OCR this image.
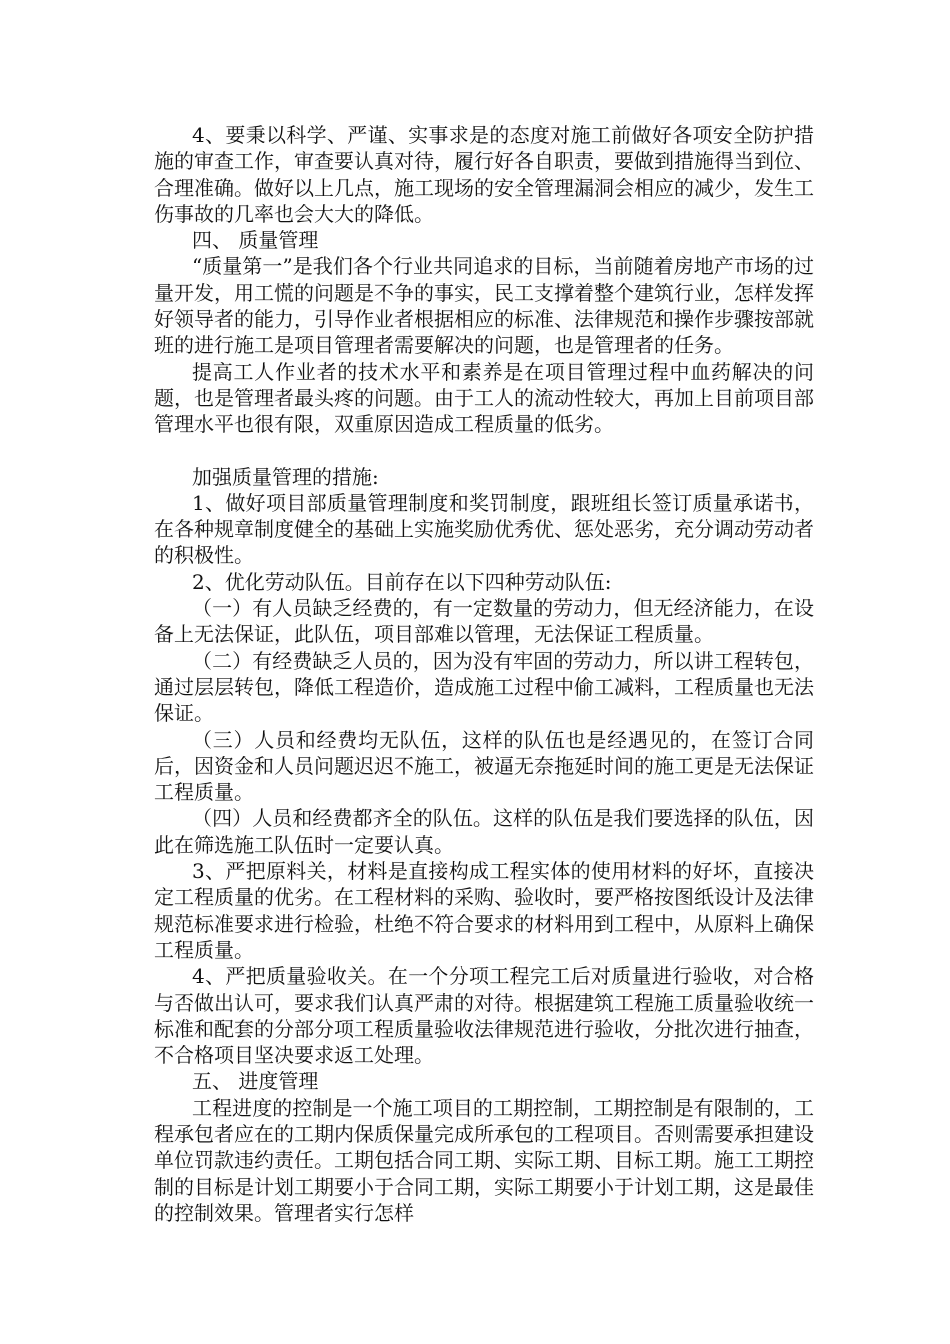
4、要秉以科学、严谨、实事求是的态度对施工前做好各项安全防护措施的审查工作，审查要认真对待，履行好各自职责，要做到措施得当到位、合理准确。做好以上几点，施工现场的安全管理漏洞会相应的减少，发生工伤事故的几率也会大大的降低。

四、 质量管理

“质量第一”是我们各个行业共同追求的目标，当前随着房地产市场的过量开发，用工慌的问题是不争的事实，民工支撑着整个建筑行业，怎样发挥好领导者的能力，引导作业者根据相应的标准、法律规范和操作步骤按部就班的进行施工是项目管理者需要解决的问题，也是管理者的任务。

提高工人作业者的技术水平和素养是在项目管理过程中血药解决的问题，也是管理者最头疼的问题。由于工人的流动性较大，再加上目前项目部管理水平也很有限，双重原因造成工程质量的低劣。

加强质量管理的措施:

1、做好项目部质量管理制度和奖罚制度，跟班组长签订质量承诺书，在各种规章制度健全的基础上实施奖励优秀优、惩处恶劣，充分调动劳动者的积极性。

2、优化劳动队伍。目前存在以下四种劳动队伍:

（一）有人员缺乏经费的，有一定数量的劳动力，但无经济能力，在设备上无法保证，此队伍，项目部难以管理，无法保证工程质量。

（二）有经费缺乏人员的，因为没有牢固的劳动力，所以讲工程转包，通过层层转包，降低工程造价，造成施工过程中偷工减料，工程质量也无法保证。

（三）人员和经费均无队伍，这样的队伍也是经遇见的，在签订合同后，因资金和人员问题迟迟不施工，被逼无奈拖延时间的施工更是无法保证工程质量。

（四）人员和经费都齐全的队伍。这样的队伍是我们要选择的队伍，因此在筛选施工队伍时一定要认真。

3、严把原料关，材料是直接构成工程实体的使用材料的好坏，直接决定工程质量的优劣。在工程材料的采购、验收时，要严格按图纸设计及法律规范标准要求进行检验，杜绝不符合要求的材料用到工程中，从原料上确保工程质量。

4、严把质量验收关。在一个分项工程完工后对质量进行验收，对合格与否做出认可，要求我们认真严肃的对待。根据建筑工程施工质量验收统一标准和配套的分部分项工程质量验收法律规范进行验收，分批次进行抽查，不合格项目坚决要求返工处理。

五、 进度管理

工程进度的控制是一个施工项目的工期控制，工期控制是有限制的，工程承包者应在的工期内保质保量完成所承包的工程项目。否则需要承担建设单位罚款违约责任。工期包括合同工期、实际工期、目标工期。施工工期控制的目标是计划工期要小于合同工期，实际工期要小于计划工期，这是最佳的控制效果。管理者实行怎样
